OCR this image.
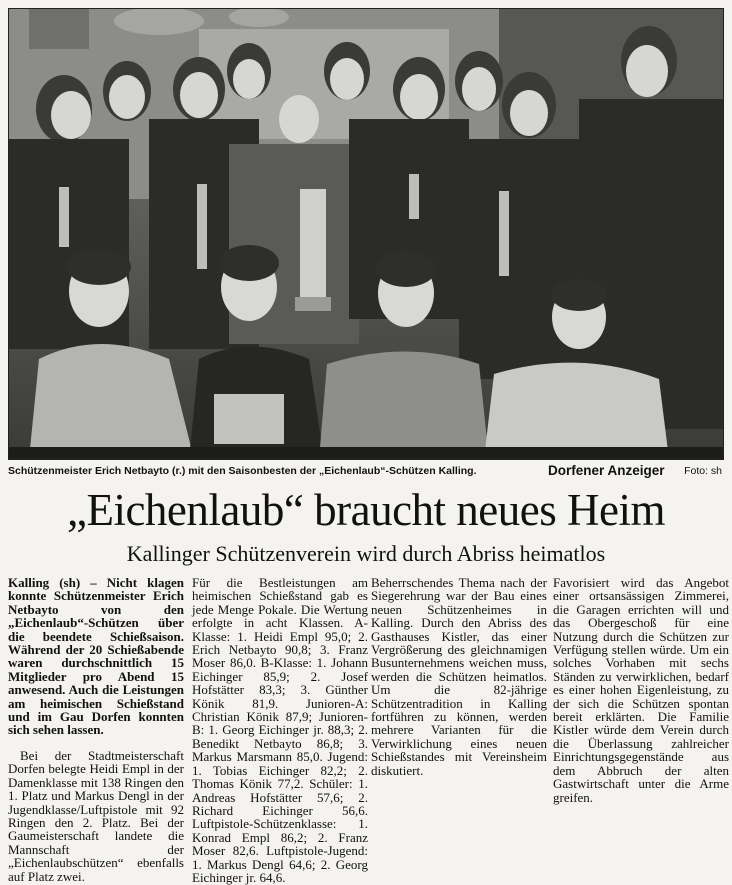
Schützenmeister Erich Netbayto (r.) mit den Saisonbesten der „Eichenlaub“-Schützen Kalling.	Dorfener Anzeiger Foto: sh
„Eichenlaub“ braucht neues Heim
Kallinger Schützenverein wird durch Abriss heimatlos

Kalling (sh) – Nicht klagen konnte Schützenmeister Erich Netbayto von den „Eichenlaub“-Schützen über die beendete Schießsaison. Während der 20 Schießabende waren durchschnittlich 15 Mitglieder pro Abend 15 anwesend. Auch die Leistungen am heimischen Schießstand und im Gau Dorfen konnten sich sehen lassen.

Bei der Stadtmeisterschaft Dorfen belegte Heidi Empl in der Damenklasse mit 138 Ringen den 1. Platz und Markus Dengl in der Jugendklasse/Luftpistole mit 92 Ringen den 2. Platz. Bei der Gaumeisterschaft landete die Mannschaft der „Eichenlaubschützen“ ebenfalls auf Platz zwei.

Für die Bestleistungen am heimischen Schießstand gab es jede Menge Pokale. Die Wertung erfolgte in acht Klassen. A-Klasse: 1. Heidi Empl 95,0; 2. Erich Netbayto 90,8; 3. Franz Moser 86,0. B-Klasse: 1. Johann Eichinger 85,9; 2. Josef Hofstätter 83,3; 3. Günther Könik 81,9. Junioren-A: Christian Könik 87,9; Junioren-B: 1. Georg Eichinger jr. 88,3; 2. Benedikt Netbayto 86,8; 3. Markus Marsmann 85,0. Jugend: 1. Tobias Eichinger 82,2; 2. Thomas Könik 77,2. Schüler: 1. Andreas Hofstätter 57,6; 2. Richard Eichinger 56,6. Luftpistole-Schützenklasse: 1. Konrad Empl 86,2; 2. Franz Moser 82,6. Luftpistole-Jugend: 1. Markus Dengl 64,6; 2. Georg Eichinger jr. 64,6.

Beherrschendes Thema nach der Siegerehrung war der Bau eines neuen Schützenheimes in Kalling. Durch den Abriss des Gasthauses Kistler, das einer Vergrößerung des gleichnamigen Busunternehmens weichen muss, werden die Schützen heimatlos. Um die 82-jährige Schützentradition in Kalling fortführen zu können, werden mehrere Varianten für die Verwirklichung eines neuen Schießstandes mit Vereinsheim diskutiert.

Favorisiert wird das Angebot einer ortsansässigen Zimmerei, die Garagen errichten will und das Obergeschoß für eine Nutzung durch die Schützen zur Verfügung stellen würde. Um ein solches Vorhaben mit sechs Ständen zu verwirklichen, bedarf es einer hohen Eigenleistung, zu der sich die Schützen spontan bereit erklärten. Die Familie Kistler würde dem Verein durch die Überlassung zahlreicher Einrichtungsgegenstände aus dem Abbruch der alten Gastwirtschaft unter die Arme greifen.
